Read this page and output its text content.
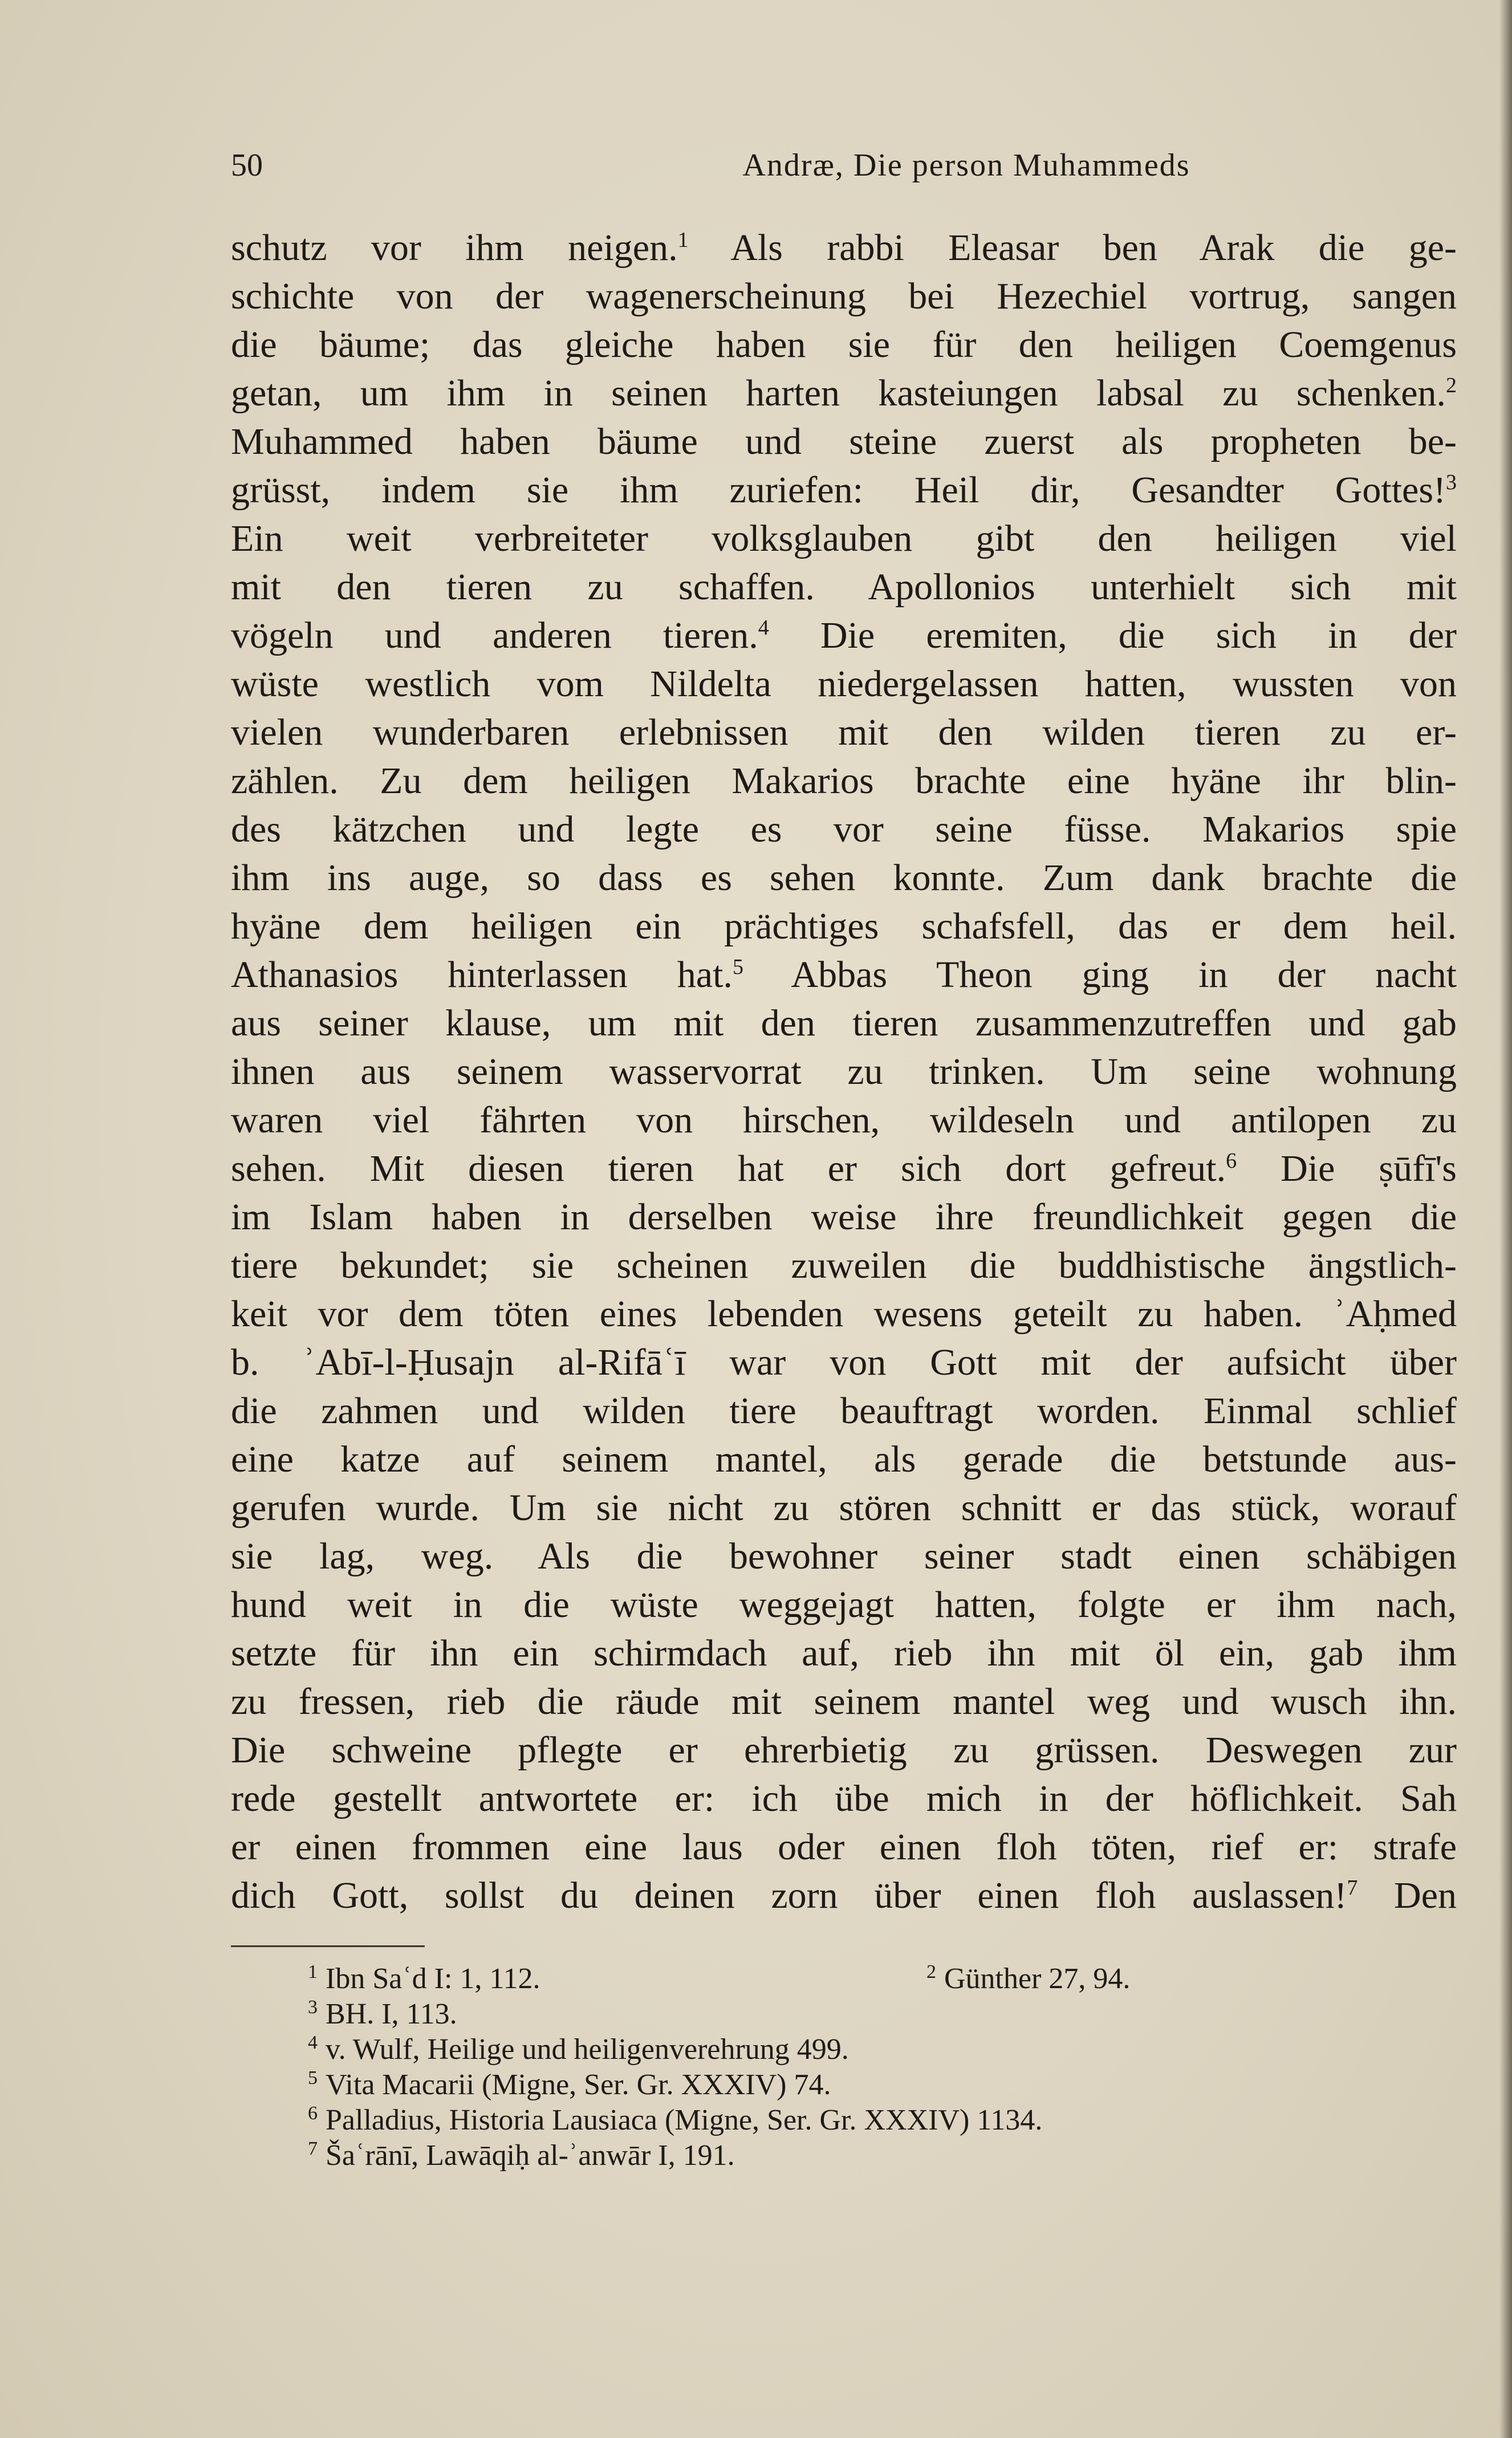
50	Andræ, Die person Muhammeds
schutz vor ihm neigen.$^1$ Als rabbi Eleasar ben Arak die ge-
schichte von der wagenerscheinung bei Hezechiel vortrug, sangen
die bäume; das gleiche haben sie für den heiligen Coemgenus
getan, um ihm in seinen harten kasteiungen labsal zu schenken.$^2$
Muhammed haben bäume und steine zuerst als propheten be-
grüsst, indem sie ihm zuriefen: Heil dir, Gesandter Gottes!$^3$
Ein weit verbreiteter volksglauben gibt den heiligen viel
mit den tieren zu schaffen. Apollonios unterhielt sich mit
vögeln und anderen tieren.$^4$ Die eremiten, die sich in der
wüste westlich vom Nildelta niedergelassen hatten, wussten von
vielen wunderbaren erlebnissen mit den wilden tieren zu er-
zählen. Zu dem heiligen Makarios brachte eine hyäne ihr blin-
des kätzchen und legte es vor seine füsse. Makarios spie
ihm ins auge, so dass es sehen konnte. Zum dank brachte die
hyäne dem heiligen ein prächtiges schafsfell, das er dem heil.
Athanasios hinterlassen hat.$^5$ Abbas Theon ging in der nacht
aus seiner klause, um mit den tieren zusammenzutreffen und gab
ihnen aus seinem wasservorrat zu trinken. Um seine wohnung
waren viel fährten von hirschen, wildeseln und antilopen zu
sehen. Mit diesen tieren hat er sich dort gefreut.$^6$ Die ṣūfī's
im Islam haben in derselben weise ihre freundlichkeit gegen die
tiere bekundet; sie scheinen zuweilen die buddhistische ängstlich-
keit vor dem töten eines lebenden wesens geteilt zu haben. ʾAḥmed
b. ʾAbī-l-Ḥusajn al-Rifāʿī war von Gott mit der aufsicht über
die zahmen und wilden tiere beauftragt worden. Einmal schlief
eine katze auf seinem mantel, als gerade die betstunde aus-
gerufen wurde. Um sie nicht zu stören schnitt er das stück, worauf
sie lag, weg. Als die bewohner seiner stadt einen schäbigen
hund weit in die wüste weggejagt hatten, folgte er ihm nach,
setzte für ihn ein schirmdach auf, rieb ihn mit öl ein, gab ihm
zu fressen, rieb die räude mit seinem mantel weg und wusch ihn.
Die schweine pflegte er ehrerbietig zu grüssen. Deswegen zur
rede gestellt antwortete er: ich übe mich in der höflichkeit. Sah
er einen frommen eine laus oder einen floh töten, rief er: strafe
dich Gott, sollst du deinen zorn über einen floh auslassen!$^7$ Den
$^1$ Ibn Saʿd I: 1, 112.	$^2$ Günther 27, 94.
$^3$ BH. I, 113.
$^4$ v. Wulf, Heilige und heiligenverehrung 499.
$^5$ Vita Macarii (Migne, Ser. Gr. XXXIV) 74.
$^6$ Palladius, Historia Lausiaca (Migne, Ser. Gr. XXXIV) 1134.
$^7$ Šaʿrānī, Lawāqiḥ al-ʾanwār I, 191.
